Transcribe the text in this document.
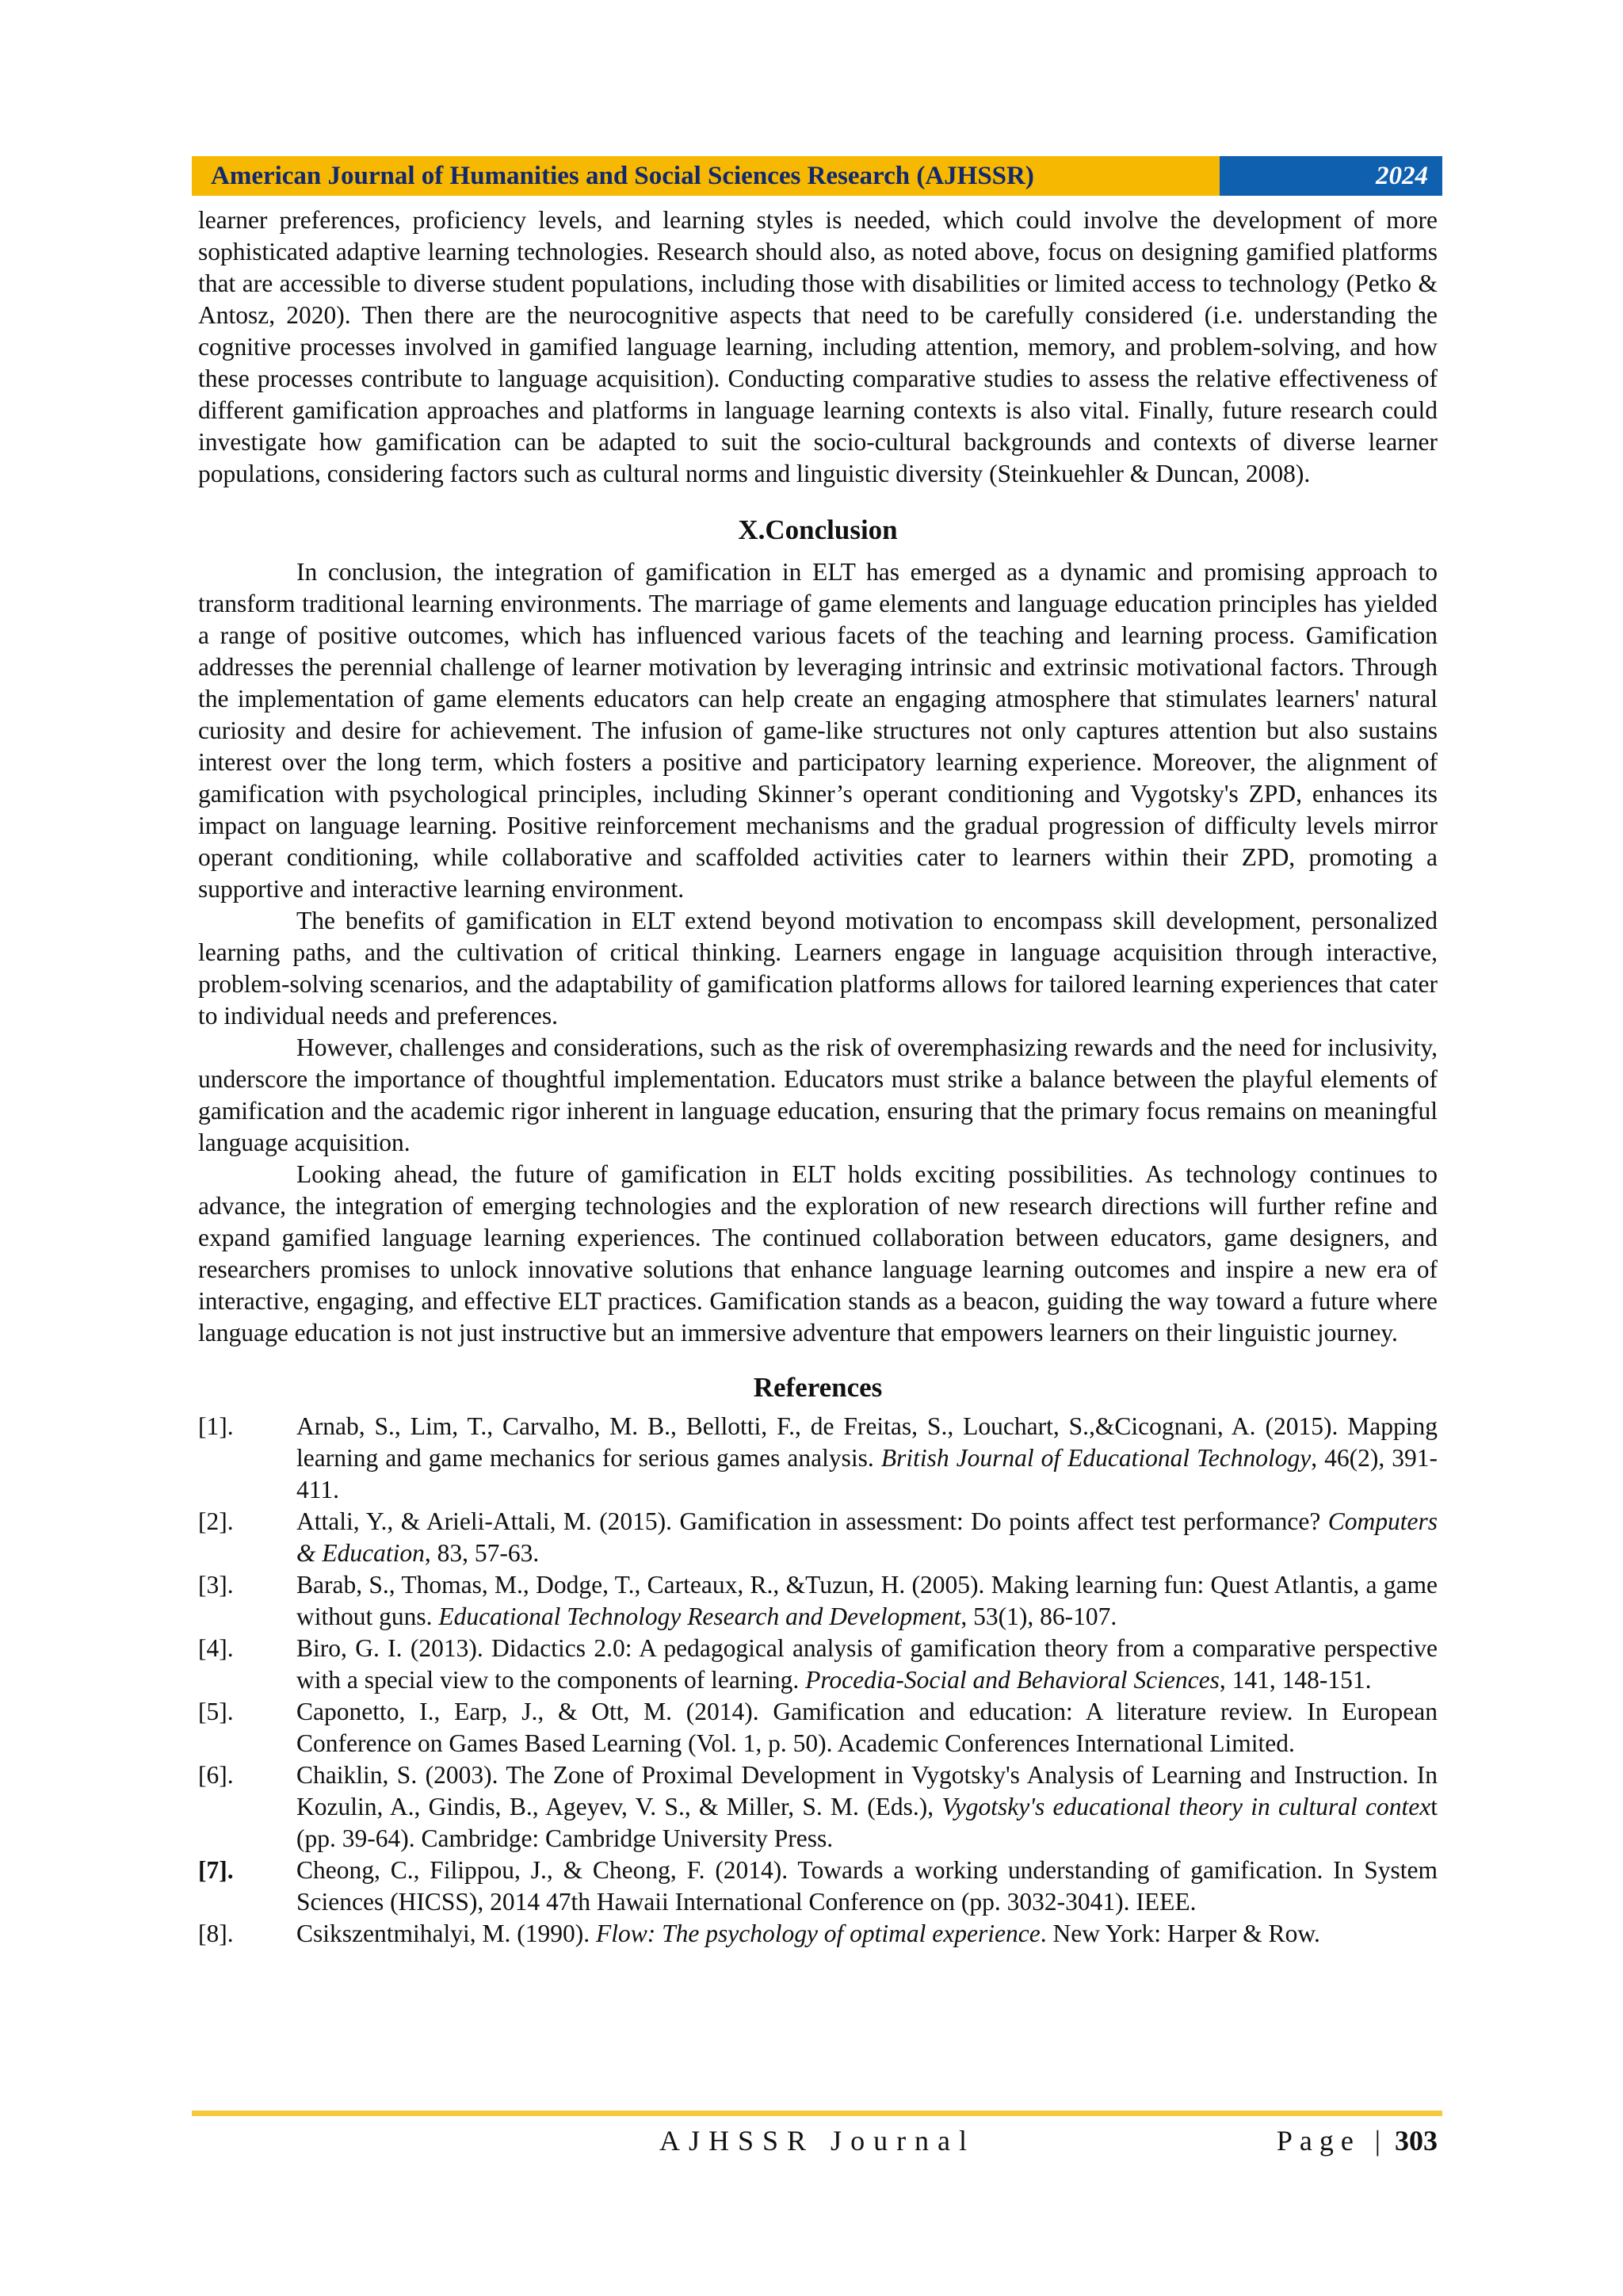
American Journal of Humanities and Social Sciences Research (AJHSSR)	2024

learner preferences, proficiency levels, and learning styles is needed, which could involve the development of more sophisticated adaptive learning technologies. Research should also, as noted above, focus on designing gamified platforms that are accessible to diverse student populations, including those with disabilities or limited access to technology (Petko & Antosz, 2020). Then there are the neurocognitive aspects that need to be carefully considered (i.e. understanding the cognitive processes involved in gamified language learning, including attention, memory, and problem-solving, and how these processes contribute to language acquisition). Conducting comparative studies to assess the relative effectiveness of different gamification approaches and platforms in language learning contexts is also vital. Finally, future research could investigate how gamification can be adapted to suit the socio-cultural backgrounds and contexts of diverse learner populations, considering factors such as cultural norms and linguistic diversity (Steinkuehler & Duncan, 2008).

X.Conclusion

In conclusion, the integration of gamification in ELT has emerged as a dynamic and promising approach to transform traditional learning environments. The marriage of game elements and language education principles has yielded a range of positive outcomes, which has influenced various facets of the teaching and learning process. Gamification addresses the perennial challenge of learner motivation by leveraging intrinsic and extrinsic motivational factors. Through the implementation of game elements educators can help create an engaging atmosphere that stimulates learners' natural curiosity and desire for achievement. The infusion of game-like structures not only captures attention but also sustains interest over the long term, which fosters a positive and participatory learning experience. Moreover, the alignment of gamification with psychological principles, including Skinner’s operant conditioning and Vygotsky's ZPD, enhances its impact on language learning. Positive reinforcement mechanisms and the gradual progression of difficulty levels mirror operant conditioning, while collaborative and scaffolded activities cater to learners within their ZPD, promoting a supportive and interactive learning environment.

The benefits of gamification in ELT extend beyond motivation to encompass skill development, personalized learning paths, and the cultivation of critical thinking. Learners engage in language acquisition through interactive, problem-solving scenarios, and the adaptability of gamification platforms allows for tailored learning experiences that cater to individual needs and preferences.

However, challenges and considerations, such as the risk of overemphasizing rewards and the need for inclusivity, underscore the importance of thoughtful implementation. Educators must strike a balance between the playful elements of gamification and the academic rigor inherent in language education, ensuring that the primary focus remains on meaningful language acquisition.

Looking ahead, the future of gamification in ELT holds exciting possibilities. As technology continues to advance, the integration of emerging technologies and the exploration of new research directions will further refine and expand gamified language learning experiences. The continued collaboration between educators, game designers, and researchers promises to unlock innovative solutions that enhance language learning outcomes and inspire a new era of interactive, engaging, and effective ELT practices. Gamification stands as a beacon, guiding the way toward a future where language education is not just instructive but an immersive adventure that empowers learners on their linguistic journey.

References
[1].	Arnab, S., Lim, T., Carvalho, M. B., Bellotti, F., de Freitas, S., Louchart, S.,&Cicognani, A. (2015). Mapping learning and game mechanics for serious games analysis. British Journal of Educational Technology, 46(2), 391-411.
[2].	Attali, Y., & Arieli-Attali, M. (2015). Gamification in assessment: Do points affect test performance? Computers & Education, 83, 57-63.
[3].	Barab, S., Thomas, M., Dodge, T., Carteaux, R., &Tuzun, H. (2005). Making learning fun: Quest Atlantis, a game without guns. Educational Technology Research and Development, 53(1), 86-107.
[4].	Biro, G. I. (2013). Didactics 2.0: A pedagogical analysis of gamification theory from a comparative perspective with a special view to the components of learning. Procedia-Social and Behavioral Sciences, 141, 148-151.
[5].	Caponetto, I., Earp, J., & Ott, M. (2014). Gamification and education: A literature review. In European Conference on Games Based Learning (Vol. 1, p. 50). Academic Conferences International Limited.
[6].	Chaiklin, S. (2003). The Zone of Proximal Development in Vygotsky's Analysis of Learning and Instruction. In Kozulin, A., Gindis, B., Ageyev, V. S., & Miller, S. M. (Eds.), Vygotsky's educational theory in cultural context (pp. 39-64). Cambridge: Cambridge University Press.
[7].	Cheong, C., Filippou, J., & Cheong, F. (2014). Towards a working understanding of gamification. In System Sciences (HICSS), 2014 47th Hawaii International Conference on (pp. 3032-3041). IEEE.
[8].	Csikszentmihalyi, M. (1990). Flow: The psychology of optimal experience. New York: Harper & Row.
AJHSSR Journal	Page | 303
